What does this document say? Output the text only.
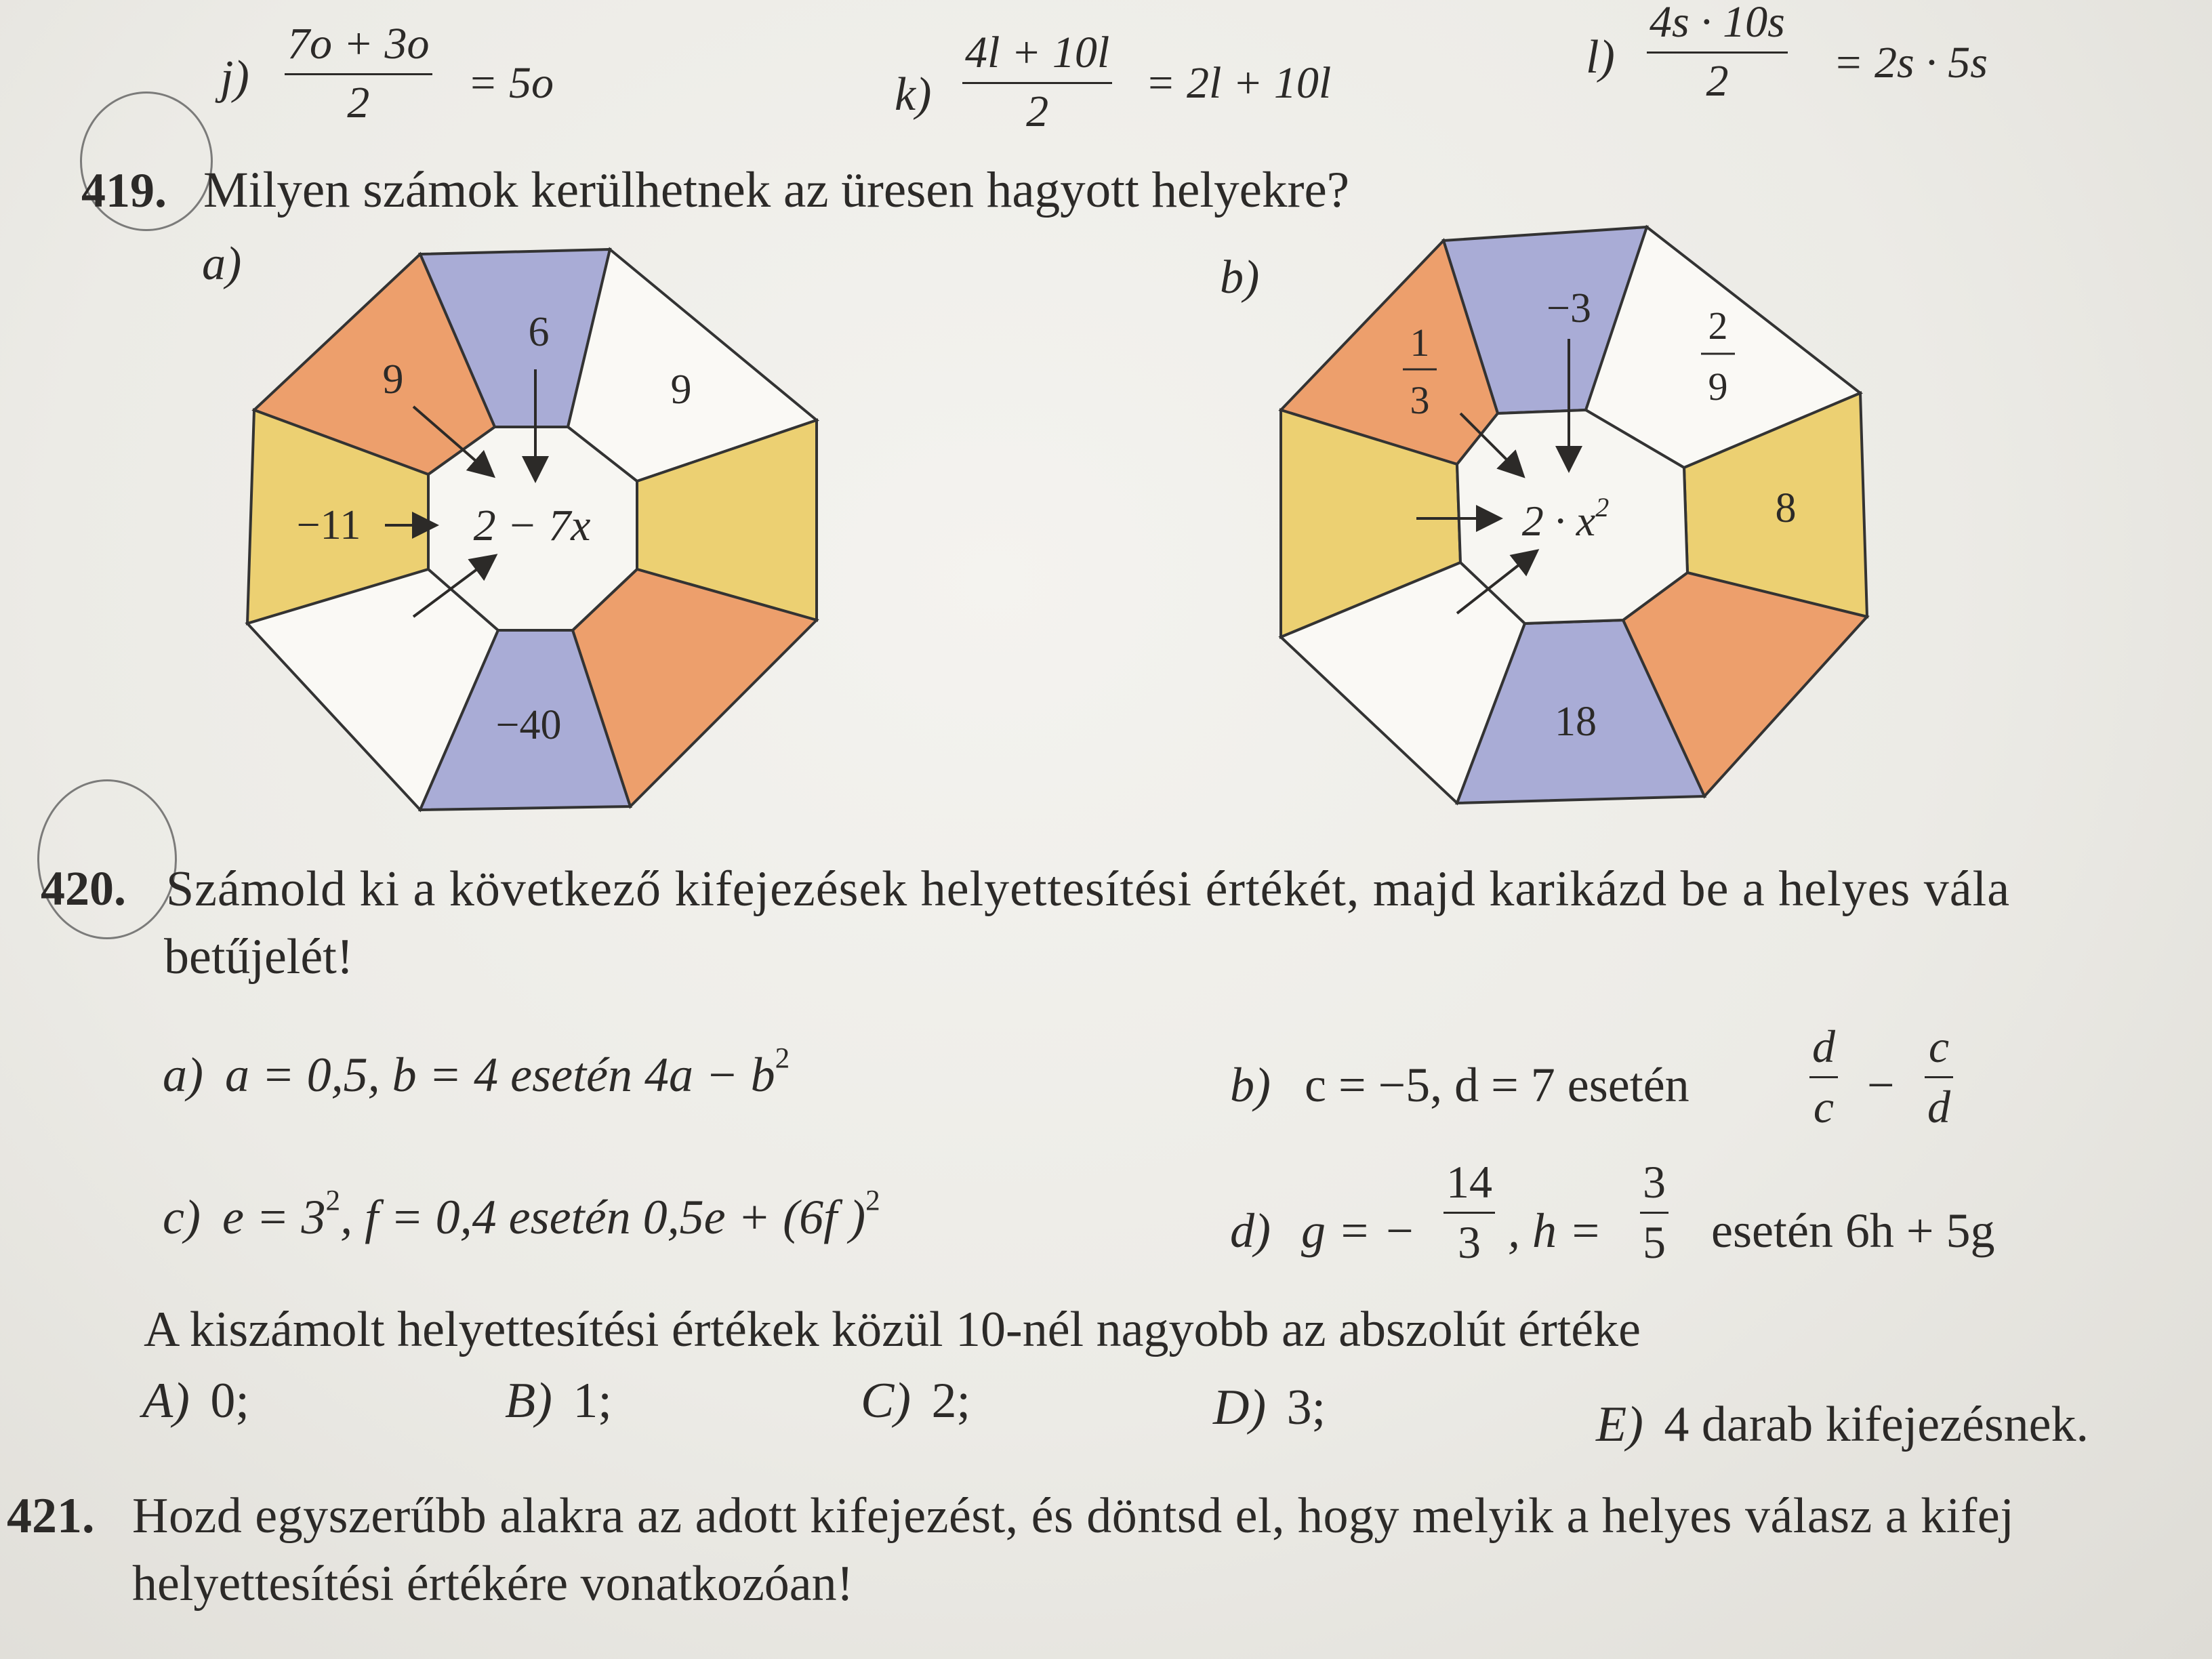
j)
7o + 3o
2 = 5o	k)
4l + 10l
2
= 2l + 10l	l)
4s · 10s
2 = 2s · 5s
419. Milyen számok kerülhetnek az üresen hagyott helyekre?
a)	b)
6
9	9
−11
−40
2 − 7x
−3
1
3
2
9
8
18
$2 \cdot x^2$
420. Számold ki a következő kifejezések helyettesítési értékét, majd karikázd be a helyes vála
betűjelét!
a) a = 0,5, b = 4 esetén $4a - b^2$	b) c = −5, d = 7 esetén
d
c −
c
d
c) $e = 3^2$, f = 0,4 esetén 0,5e + (6f )$^2$
d) g = −
14
3 , h =
3
5 esetén 6h + 5g
A kiszámolt helyettesítési értékek közül 10-nél nagyobb az abszolút értéke
A) 0;	B) 1;	C) 2;	D) 3;	E) 4 darab kifejezésnek.
421. Hozd egyszerűbb alakra az adott kifejezést, és döntsd el, hogy melyik a helyes válasz a kifej
helyettesítési értékére vonatkozóan!
